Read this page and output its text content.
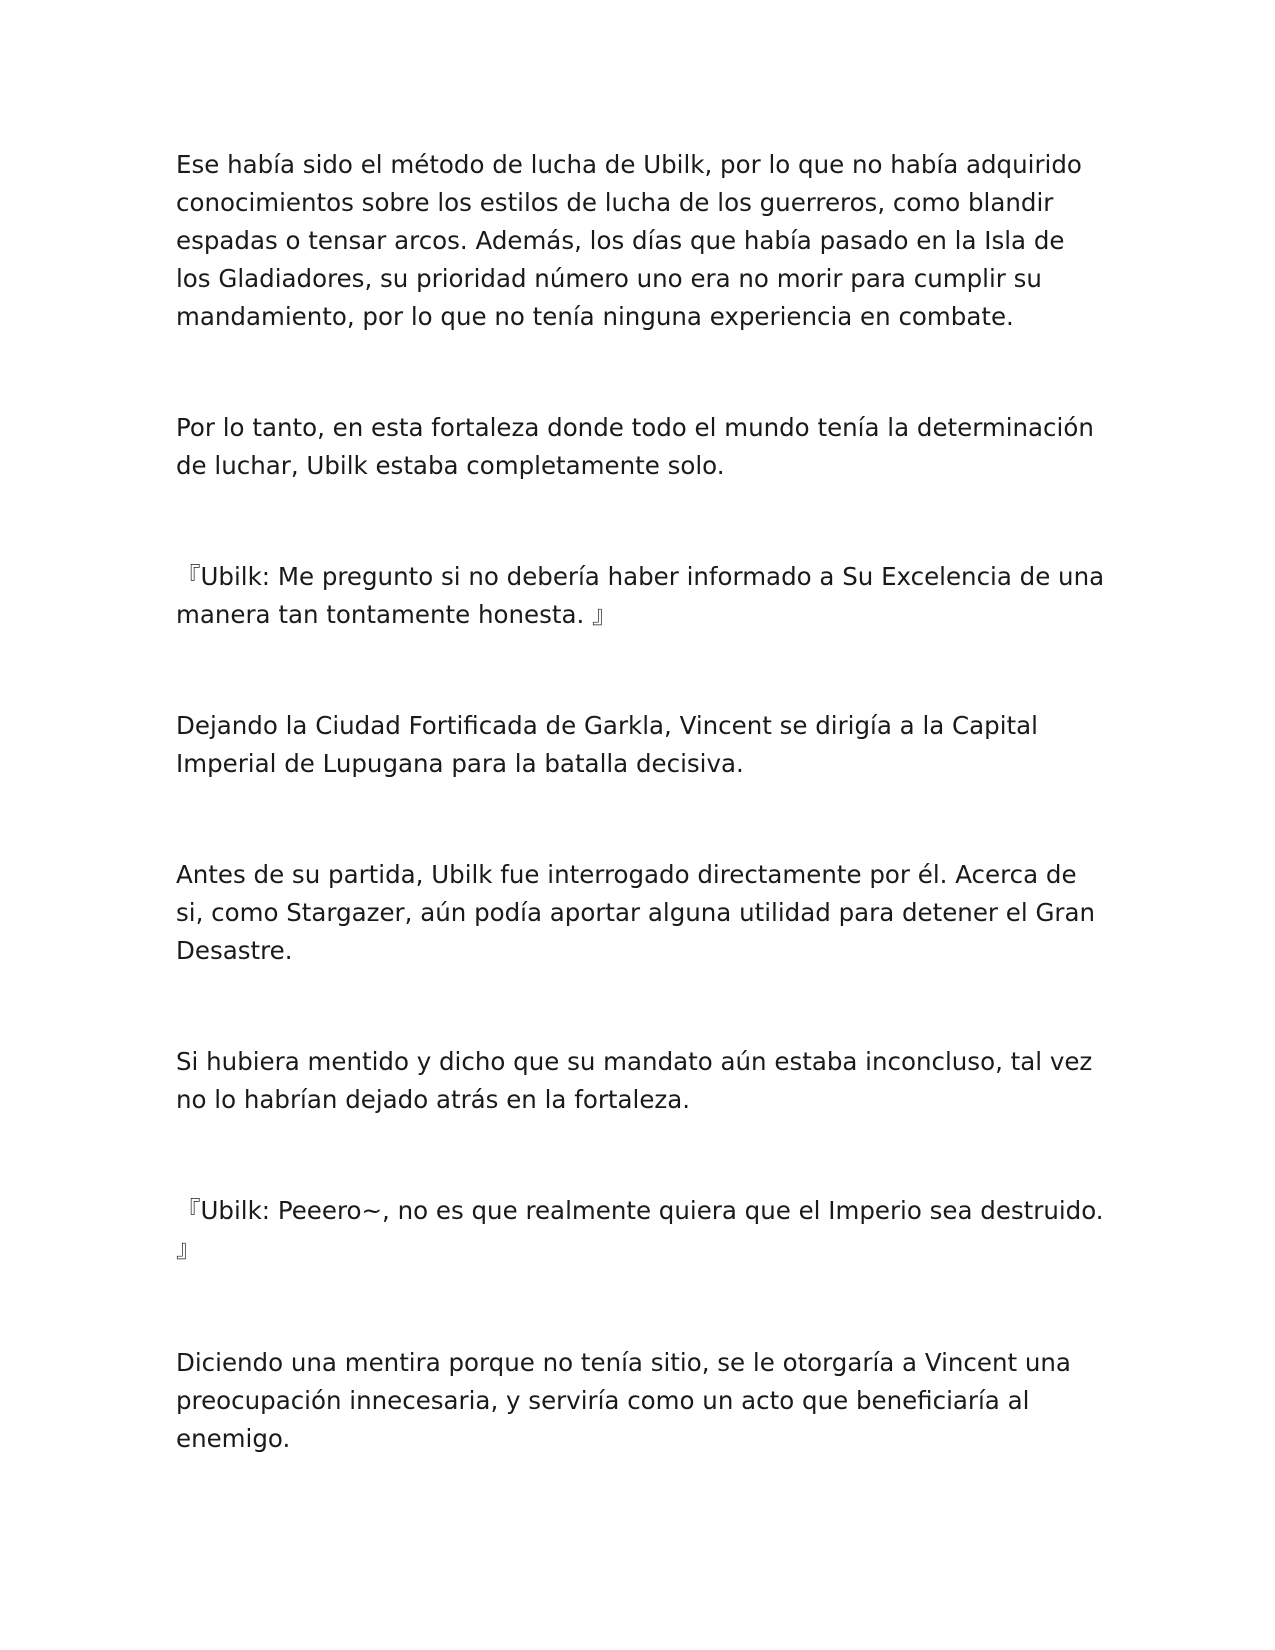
Ese había sido el método de lucha de Ubilk, por lo que no había adquirido conocimientos sobre los estilos de lucha de los guerreros, como blandir espadas o tensar arcos. Además, los días que había pasado en la Isla de los Gladiadores, su prioridad número uno era no morir para cumplir su mandamiento, por lo que no tenía ninguna experiencia en combate.

Por lo tanto, en esta fortaleza donde todo el mundo tenía la determinación de luchar, Ubilk estaba completamente solo.

『Ubilk: Me pregunto si no debería haber informado a Su Excelencia de una manera tan tontamente honesta. 』

Dejando la Ciudad Fortificada de Garkla, Vincent se dirigía a la Capital Imperial de Lupugana para la batalla decisiva.

Antes de su partida, Ubilk fue interrogado directamente por él. Acerca de si, como Stargazer, aún podía aportar alguna utilidad para detener el Gran Desastre.

Si hubiera mentido y dicho que su mandato aún estaba inconcluso, tal vez no lo habrían dejado atrás en la fortaleza.

『Ubilk: Peeero~, no es que realmente quiera que el Imperio sea destruido. 』

Diciendo una mentira porque no tenía sitio, se le otorgaría a Vincent una preocupación innecesaria, y serviría como un acto que beneficiaría al enemigo.
